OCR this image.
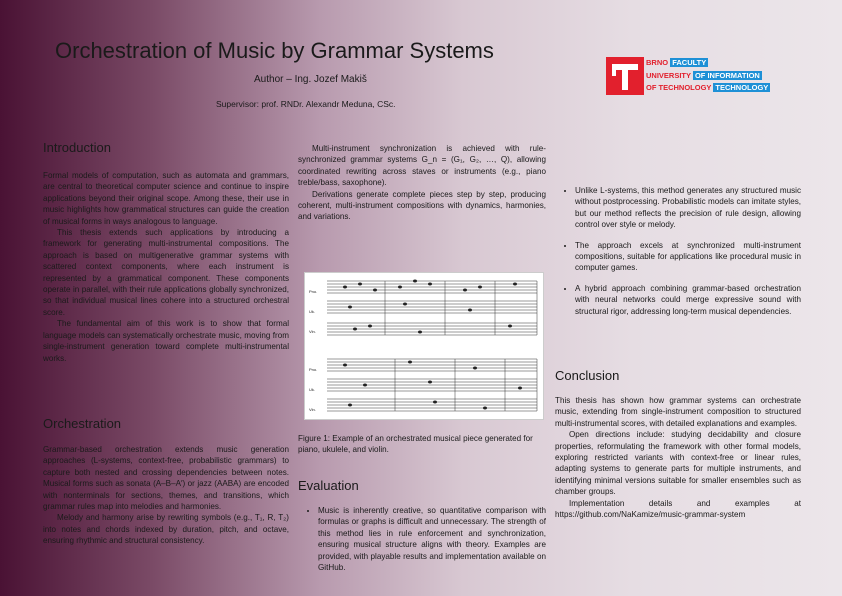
Orchestration of Music by Grammar Systems
Author – Ing. Jozef Makiš
Supervisor: prof. RNDr. Alexandr Meduna, CSc.
BRNO FACULTY
UNIVERSITY OF INFORMATION
OF TECHNOLOGY TECHNOLOGY
Introduction

Formal models of computation, such as automata and grammars, are central to theoretical computer science and continue to inspire applications beyond their original scope. Among these, their use in music highlights how grammatical structures can guide the creation of musical forms in ways analogous to language.

This thesis extends such applications by introducing a framework for generating multi-instrumental compositions. The approach is based on multigenerative grammar systems with scattered context components, where each instrument is represented by a grammatical component. These components operate in parallel, with their rule applications globally synchronized, so that individual musical lines cohere into a structured orchestral score.

The fundamental aim of this work is to show that formal language models can systematically orchestrate music, moving from single-instrument generation toward complete multi-instrumental works.

Orchestration

Grammar-based orchestration extends music generation approaches (L-systems, context-free, probabilistic grammars) to capture both nested and crossing dependencies between notes. Musical forms such as sonata (A–B–A′) or jazz (AABA) are encoded with nonterminals for sections, themes, and transitions, which grammar rules map into melodies and harmonies.

Melody and harmony arise by rewriting symbols (e.g., T₁, R, T₂) into notes and chords indexed by duration, pitch, and octave, ensuring rhythmic and structural consistency.

Multi-instrument synchronization is achieved with rule-synchronized grammar systems G_n = (G₁, G₂, …, Q), allowing coordinated rewriting across staves or instruments (e.g., piano treble/bass, saxophone).

Derivations generate complete pieces step by step, producing coherent, multi-instrument compositions with dynamics, harmonies, and variations.

Pno.
Uk.
Vln.
Pno.
Uk.
Vln.
Figure 1: Example of an orchestrated musical piece generated for piano, ukulele, and violin.
Evaluation
• Music is inherently creative, so quantitative comparison with formulas or graphs is difficult and unnecessary. The strength of this method lies in rule enforcement and synchronization, ensuring musical structure aligns with theory. Examples are provided, with playable results and implementation available on GitHub.
• Unlike L-systems, this method generates any structured music without postprocessing. Probabilistic models can imitate styles, but our method reflects the precision of rule design, allowing control over style or melody.
• The approach excels at synchronized multi-instrument compositions, suitable for applications like procedural music in computer games.
• A hybrid approach combining grammar-based orchestration with neural networks could merge expressive sound with structural rigor, addressing long-term musical dependencies.
Conclusion

This thesis has shown how grammar systems can orchestrate music, extending from single-instrument composition to structured multi-instrumental scores, with detailed explanations and examples.

Open directions include: studying decidability and closure properties, reformulating the framework with other formal models, exploring restricted variants with context-free or linear rules, adapting systems to generate parts for multiple instruments, and identifying minimal versions suitable for smaller ensembles such as chamber groups.

Implementation details and examples at https://github.com/NaKamize/music-grammar-system
